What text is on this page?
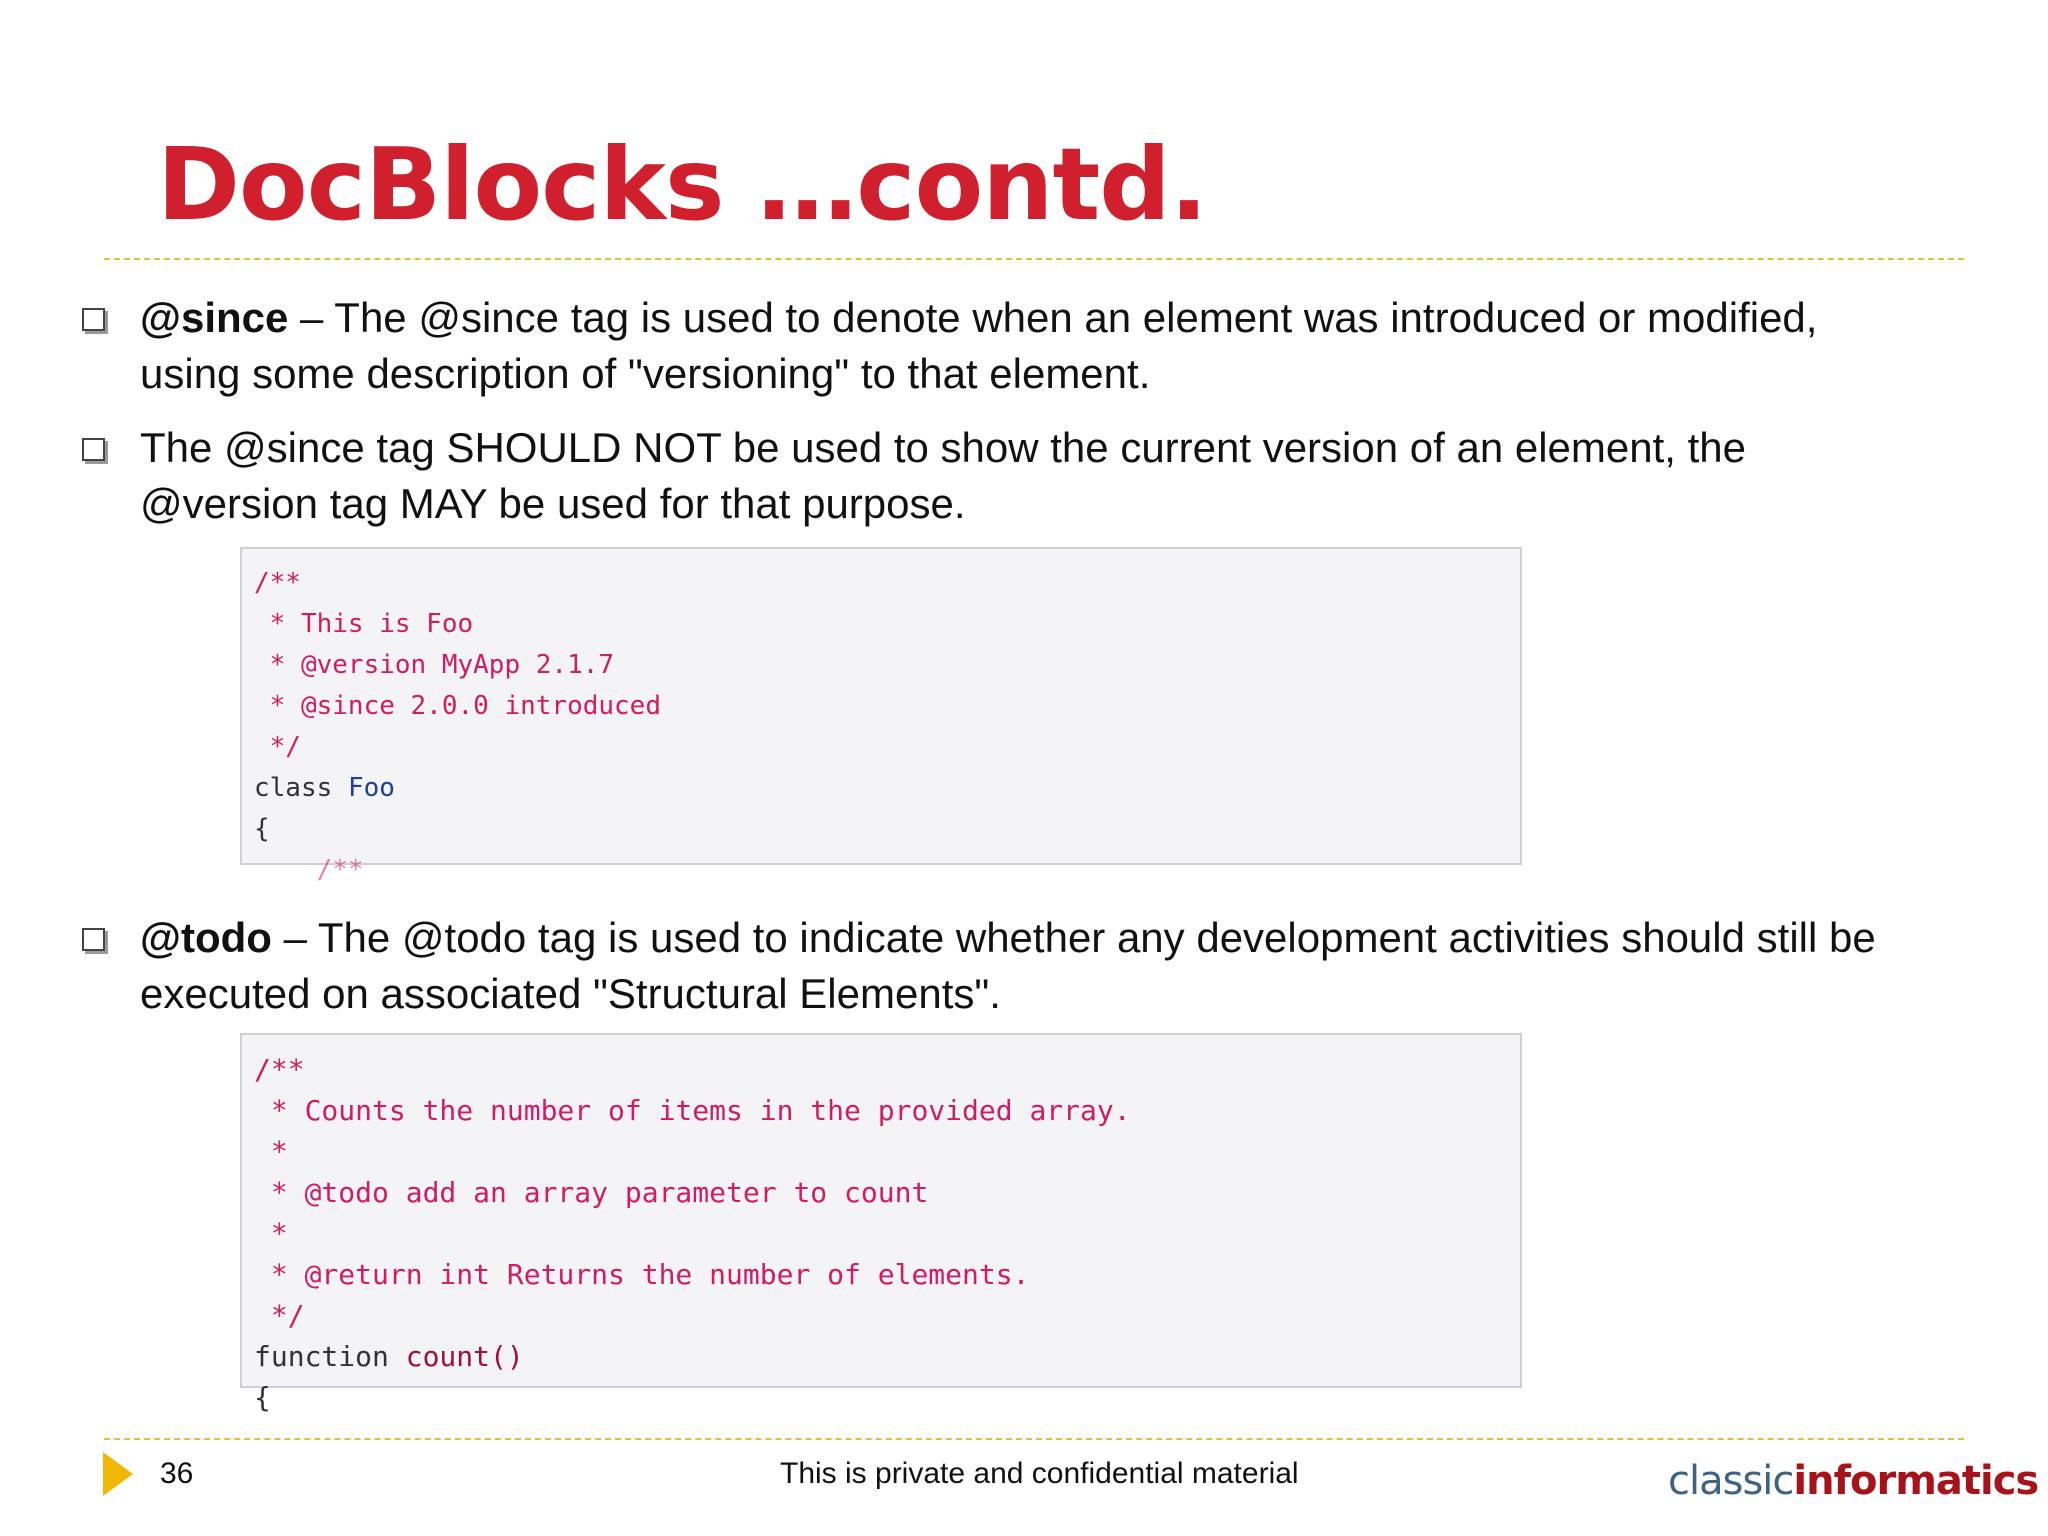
DocBlocks …contd.
@since – The @since tag is used to denote when an element was introduced or modified, using some description of "versioning" to that element.
The @since tag SHOULD NOT be used to show the current version of an element, the @version tag MAY be used for that purpose.
/**
* This is Foo
* @version MyApp 2.1.7
* @since 2.0.0 introduced
*/
class Foo
{
/**
@todo – The @todo tag is used to indicate whether any development activities should still be executed on associated "Structural Elements".
/**
* Counts the number of items in the provided array.
*
* @todo add an array parameter to count
*
* @return int Returns the number of elements.
*/
function count()
{
36	This is private and confidential material	classicinformatics
